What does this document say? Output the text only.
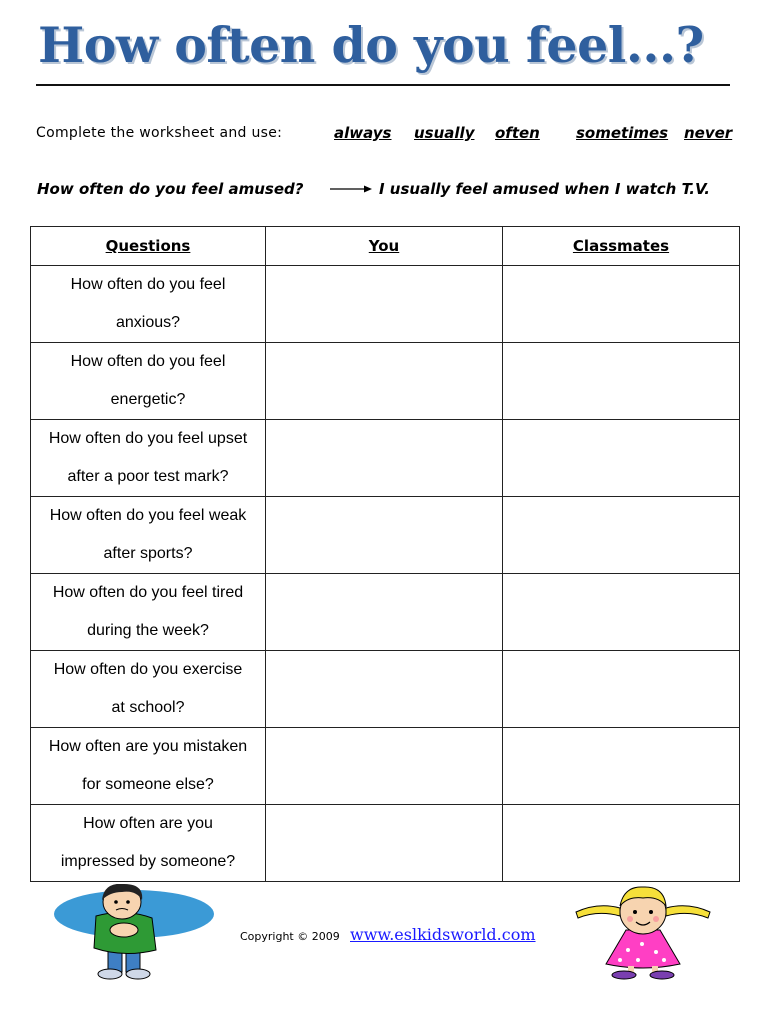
How often do you feel...?
Complete the worksheet and use:	always usually often sometimes never
How often do you feel amused?	I usually feel amused when I watch T.V.
Questions	You	Classmates
How often do you feel
anxious?		
How often do you feel
energetic?		
How often do you feel upset
after a poor test mark?		
How often do you feel weak
after sports?		
How often do you feel tired
during the week?		
How often do you exercise
at school?		
How often are you mistaken
for someone else?		
How often are you
impressed by someone?		
Copyright © 2009 www.eslkidsworld.com
